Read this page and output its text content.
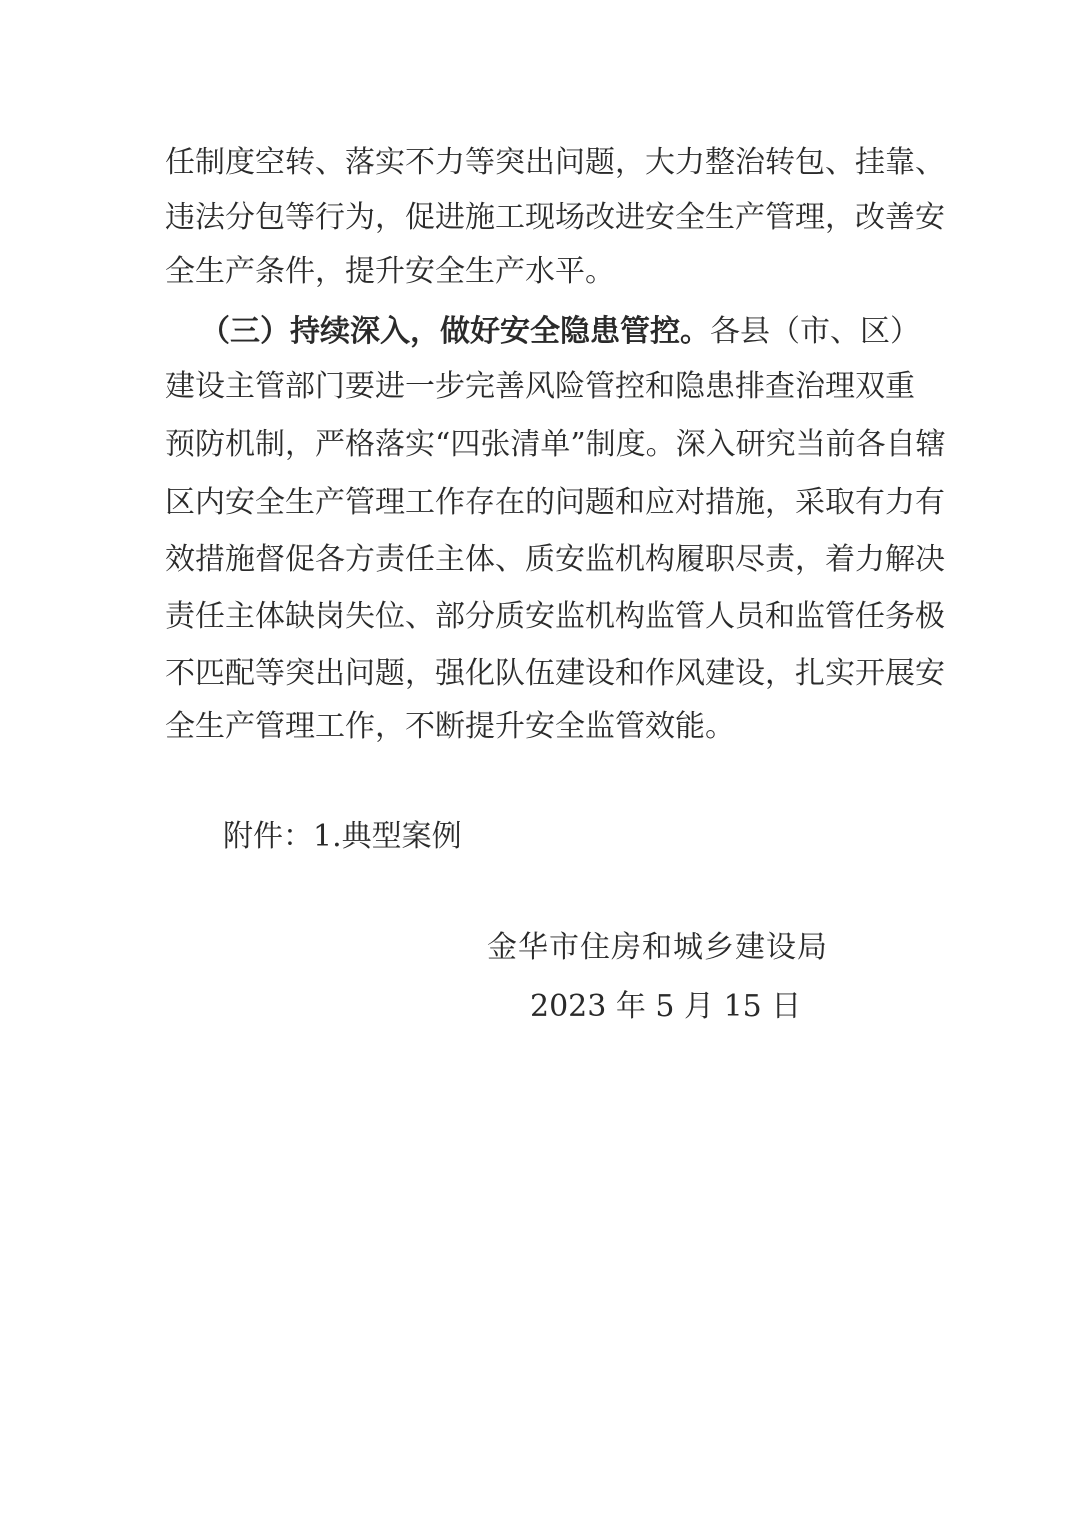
任制度空转、落实不力等突出问题，大力整治转包、挂靠、
违法分包等行为，促进施工现场改进安全生产管理，改善安
全生产条件，提升安全生产水平。
（三）持续深入，做好安全隐患管控。各县（市、区）
建设主管部门要进一步完善风险管控和隐患排查治理双重
预防机制，严格落实“四张清单”制度。深入研究当前各自辖
区内安全生产管理工作存在的问题和应对措施，采取有力有
效措施督促各方责任主体、质安监机构履职尽责，着力解决
责任主体缺岗失位、部分质安监机构监管人员和监管任务极
不匹配等突出问题，强化队伍建设和作风建设，扎实开展安
全生产管理工作，不断提升安全监管效能。
附件：1.典型案例
金华市住房和城乡建设局
2023 年 5 月 15 日
